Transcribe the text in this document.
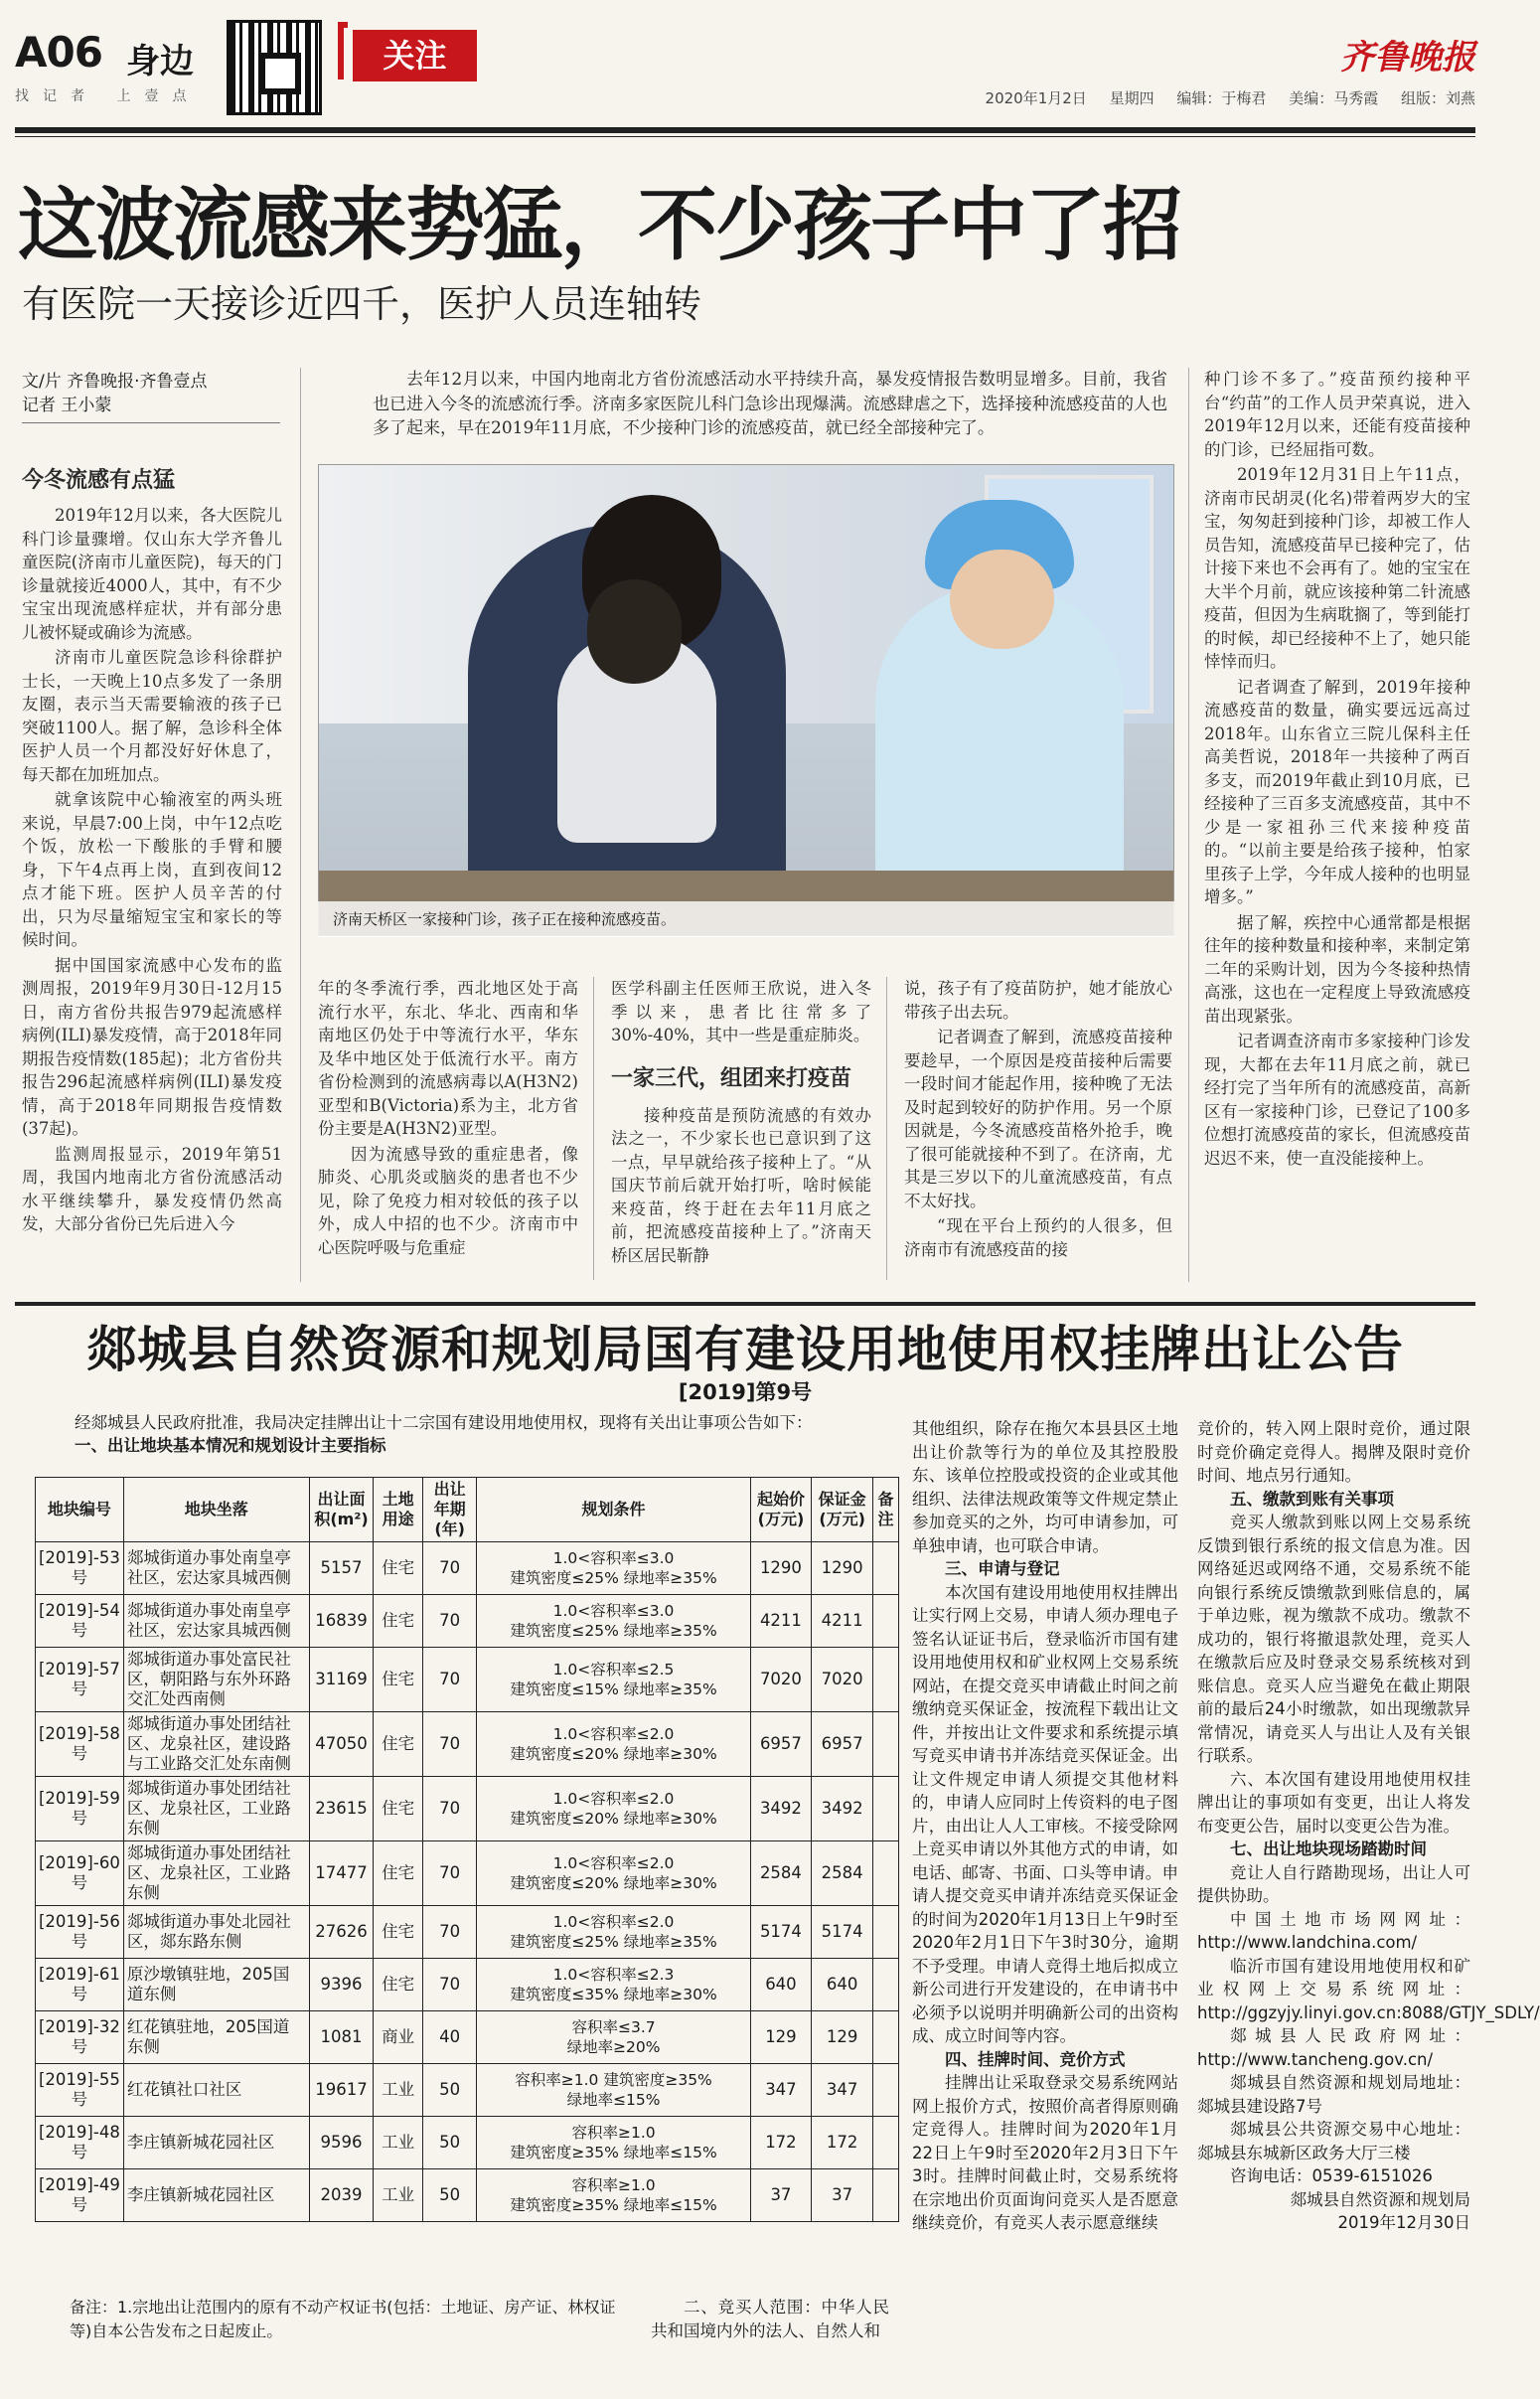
A06 身边
找记者 上壹点
关注	齐鲁晚报
2020年1月2日 星期四 编辑：于梅君 美编：马秀霞 组版：刘燕
这波流感来势猛，不少孩子中了招
有医院一天接诊近四千，医护人员连轴转
文/片 齐鲁晚报·齐鲁壹点
记者 王小蒙
今冬流感有点猛

2019年12月以来，各大医院儿科门诊量骤增。仅山东大学齐鲁儿童医院(济南市儿童医院)，每天的门诊量就接近4000人，其中，有不少宝宝出现流感样症状，并有部分患儿被怀疑或确诊为流感。

济南市儿童医院急诊科徐群护士长，一天晚上10点多发了一条朋友圈，表示当天需要输液的孩子已突破1100人。据了解，急诊科全体医护人员一个月都没好好休息了，每天都在加班加点。

就拿该院中心输液室的两头班来说，早晨7:00上岗，中午12点吃个饭，放松一下酸胀的手臂和腰身，下午4点再上岗，直到夜间12点才能下班。医护人员辛苦的付出，只为尽量缩短宝宝和家长的等候时间。

据中国国家流感中心发布的监测周报，2019年9月30日-12月15日，南方省份共报告979起流感样病例(ILI)暴发疫情，高于2018年同期报告疫情数(185起)；北方省份共报告296起流感样病例(ILI)暴发疫情，高于2018年同期报告疫情数(37起)。

监测周报显示，2019年第51周，我国内地南北方省份流感活动水平继续攀升，暴发疫情仍然高发，大部分省份已先后进入今

去年12月以来，中国内地南北方省份流感活动水平持续升高，暴发疫情报告数明显增多。目前，我省也已进入今冬的流感流行季。济南多家医院儿科门急诊出现爆满。流感肆虐之下，选择接种流感疫苗的人也多了起来，早在2019年11月底，不少接种门诊的流感疫苗，就已经全部接种完了。

济南天桥区一家接种门诊，孩子正在接种流感疫苗。

年的冬季流行季，西北地区处于高流行水平，东北、华北、西南和华南地区仍处于中等流行水平，华东及华中地区处于低流行水平。南方省份检测到的流感病毒以A(H3N2)亚型和B(Victoria)系为主，北方省份主要是A(H3N2)亚型。

因为流感导致的重症患者，像肺炎、心肌炎或脑炎的患者也不少见，除了免疫力相对较低的孩子以外，成人中招的也不少。济南市中心医院呼吸与危重症

医学科副主任医师王欣说，进入冬季以来，患者比往常多了30%-40%，其中一些是重症肺炎。

一家三代，组团来打疫苗

接种疫苗是预防流感的有效办法之一，不少家长也已意识到了这一点，早早就给孩子接种上了。“从国庆节前后就开始打听，啥时候能来疫苗，终于赶在去年11月底之前，把流感疫苗接种上了。”济南天桥区居民靳静

说，孩子有了疫苗防护，她才能放心带孩子出去玩。

记者调查了解到，流感疫苗接种要趁早，一个原因是疫苗接种后需要一段时间才能起作用，接种晚了无法及时起到较好的防护作用。另一个原因就是，今冬流感疫苗格外抢手，晚了很可能就接种不到了。在济南，尤其是三岁以下的儿童流感疫苗，有点不太好找。

“现在平台上预约的人很多，但济南市有流感疫苗的接

种门诊不多了。”疫苗预约接种平台“约苗”的工作人员尹荣真说，进入2019年12月以来，还能有疫苗接种的门诊，已经屈指可数。

2019年12月31日上午11点，济南市民胡灵(化名)带着两岁大的宝宝，匆匆赶到接种门诊，却被工作人员告知，流感疫苗早已接种完了，估计接下来也不会再有了。她的宝宝在大半个月前，就应该接种第二针流感疫苗，但因为生病耽搁了，等到能打的时候，却已经接种不上了，她只能悻悻而归。

记者调查了解到，2019年接种流感疫苗的数量，确实要远远高过2018年。山东省立三院儿保科主任高美哲说，2018年一共接种了两百多支，而2019年截止到10月底，已经接种了三百多支流感疫苗，其中不少是一家祖孙三代来接种疫苗的。“以前主要是给孩子接种，怕家里孩子上学，今年成人接种的也明显增多。”

据了解，疾控中心通常都是根据往年的接种数量和接种率，来制定第二年的采购计划，因为今冬接种热情高涨，这也在一定程度上导致流感疫苗出现紧张。

记者调查济南市多家接种门诊发现，大都在去年11月底之前，就已经打完了当年所有的流感疫苗，高新区有一家接种门诊，已登记了100多位想打流感疫苗的家长，但流感疫苗迟迟不来，使一直没能接种上。

郯城县自然资源和规划局国有建设用地使用权挂牌出让公告
[2019]第9号
经郯城县人民政府批准，我局决定挂牌出让十二宗国有建设用地使用权，现将有关出让事项公告如下：
一、出让地块基本情况和规划设计主要指标
地块编号	地块坐落	出让面积(m²)	土地用途	出让年期(年)	规划条件	起始价(万元)	保证金(万元)	备注
[2019]-53号	郯城街道办事处南皇亭社区，宏达家具城西侧	5157	住宅	70	1.0<容积率≤3.0
建筑密度≤25% 绿地率≥35%	1290	1290	
[2019]-54号	郯城街道办事处南皇亭社区，宏达家具城西侧	16839	住宅	70	1.0<容积率≤3.0
建筑密度≤25% 绿地率≥35%	4211	4211	
[2019]-57号	郯城街道办事处富民社区，朝阳路与东外环路交汇处西南侧	31169	住宅	70	1.0<容积率≤2.5
建筑密度≤15% 绿地率≥35%	7020	7020	
[2019]-58号	郯城街道办事处团结社区、龙泉社区，建设路与工业路交汇处东南侧	47050	住宅	70	1.0<容积率≤2.0
建筑密度≤20% 绿地率≥30%	6957	6957	
[2019]-59号	郯城街道办事处团结社区、龙泉社区，工业路东侧	23615	住宅	70	1.0<容积率≤2.0
建筑密度≤20% 绿地率≥30%	3492	3492	
[2019]-60号	郯城街道办事处团结社区、龙泉社区，工业路东侧	17477	住宅	70	1.0<容积率≤2.0
建筑密度≤20% 绿地率≥30%	2584	2584	
[2019]-56号	郯城街道办事处北园社区，郯东路东侧	27626	住宅	70	1.0<容积率≤2.0
建筑密度≤25% 绿地率≥35%	5174	5174	
[2019]-61号	原沙墩镇驻地，205国道东侧	9396	住宅	70	1.0<容积率≤2.3
建筑密度≤35% 绿地率≥30%	640	640	
[2019]-32号	红花镇驻地，205国道东侧	1081	商业	40	容积率≤3.7
绿地率≥20%	129	129	
[2019]-55号	红花镇社口社区	19617	工业	50	容积率≥1.0 建筑密度≥35%
绿地率≤15%	347	347	
[2019]-48号	李庄镇新城花园社区	9596	工业	50	容积率≥1.0
建筑密度≥35% 绿地率≤15%	172	172	
[2019]-49号	李庄镇新城花园社区	2039	工业	50	容积率≥1.0
建筑密度≥35% 绿地率≤15%	37	37	
备注：1.宗地出让范围内的原有不动产权证书(包括：土地证、房产证、林权证等)自本公告发布之日起废止。

其他组织，除存在拖欠本县县区土地出让价款等行为的单位及其控股股东、该单位控股或投资的企业或其他组织、法律法规政策等文件规定禁止参加竞买的之外，均可申请参加，可单独申请，也可联合申请。

三、申请与登记

本次国有建设用地使用权挂牌出让实行网上交易，申请人须办理电子签名认证证书后，登录临沂市国有建设用地使用权和矿业权网上交易系统网站，在提交竞买申请截止时间之前缴纳竞买保证金，按流程下载出让文件，并按出让文件要求和系统提示填写竞买申请书并冻结竞买保证金。出让文件规定申请人须提交其他材料的，申请人应同时上传资料的电子图片，由出让人人工审核。不接受除网上竞买申请以外其他方式的申请，如电话、邮寄、书面、口头等申请。申请人提交竞买申请并冻结竞买保证金的时间为2020年1月13日上午9时至2020年2月1日下午3时30分，逾期不予受理。申请人竞得土地后拟成立新公司进行开发建设的，在申请书中必须予以说明并明确新公司的出资构成、成立时间等内容。

四、挂牌时间、竞价方式

挂牌出让采取登录交易系统网站网上报价方式，按照价高者得原则确定竞得人。挂牌时间为2020年1月22日上午9时至2020年2月3日下午3时。挂牌时间截止时，交易系统将在宗地出价页面询问竞买人是否愿意继续竞价，有竞买人表示愿意继续

二、竞买人范围：中华人民共和国境内外的法人、自然人和

竞价的，转入网上限时竞价，通过限时竞价确定竞得人。揭牌及限时竞价时间、地点另行通知。

五、缴款到账有关事项

竞买人缴款到账以网上交易系统反馈到银行系统的报文信息为准。因网络延迟或网络不通，交易系统不能向银行系统反馈缴款到账信息的，属于单边账，视为缴款不成功。缴款不成功的，银行将撤退款处理，竞买人在缴款后应及时登录交易系统核对到账信息。竞买人应当避免在截止期限前的最后24小时缴款，如出现缴款异常情况，请竞买人与出让人及有关银行联系。

六、本次国有建设用地使用权挂牌出让的事项如有变更，出让人将发布变更公告，届时以变更公告为准。

七、出让地块现场踏勘时间

竞让人自行踏勘现场，出让人可提供协助。

中国土地市场网网址：http://www.landchina.com/

临沂市国有建设用地使用权和矿业权网上交易系统网址：http://ggzyjy.linyi.gov.cn:8088/GTJY_SDLY/

郯城县人民政府网址：http://www.tancheng.gov.cn/

郯城县自然资源和规划局地址：郯城县建设路7号

郯城县公共资源交易中心地址：郯城县东城新区政务大厅三楼

咨询电话：0539-6151026

郯城县自然资源和规划局

2019年12月30日
